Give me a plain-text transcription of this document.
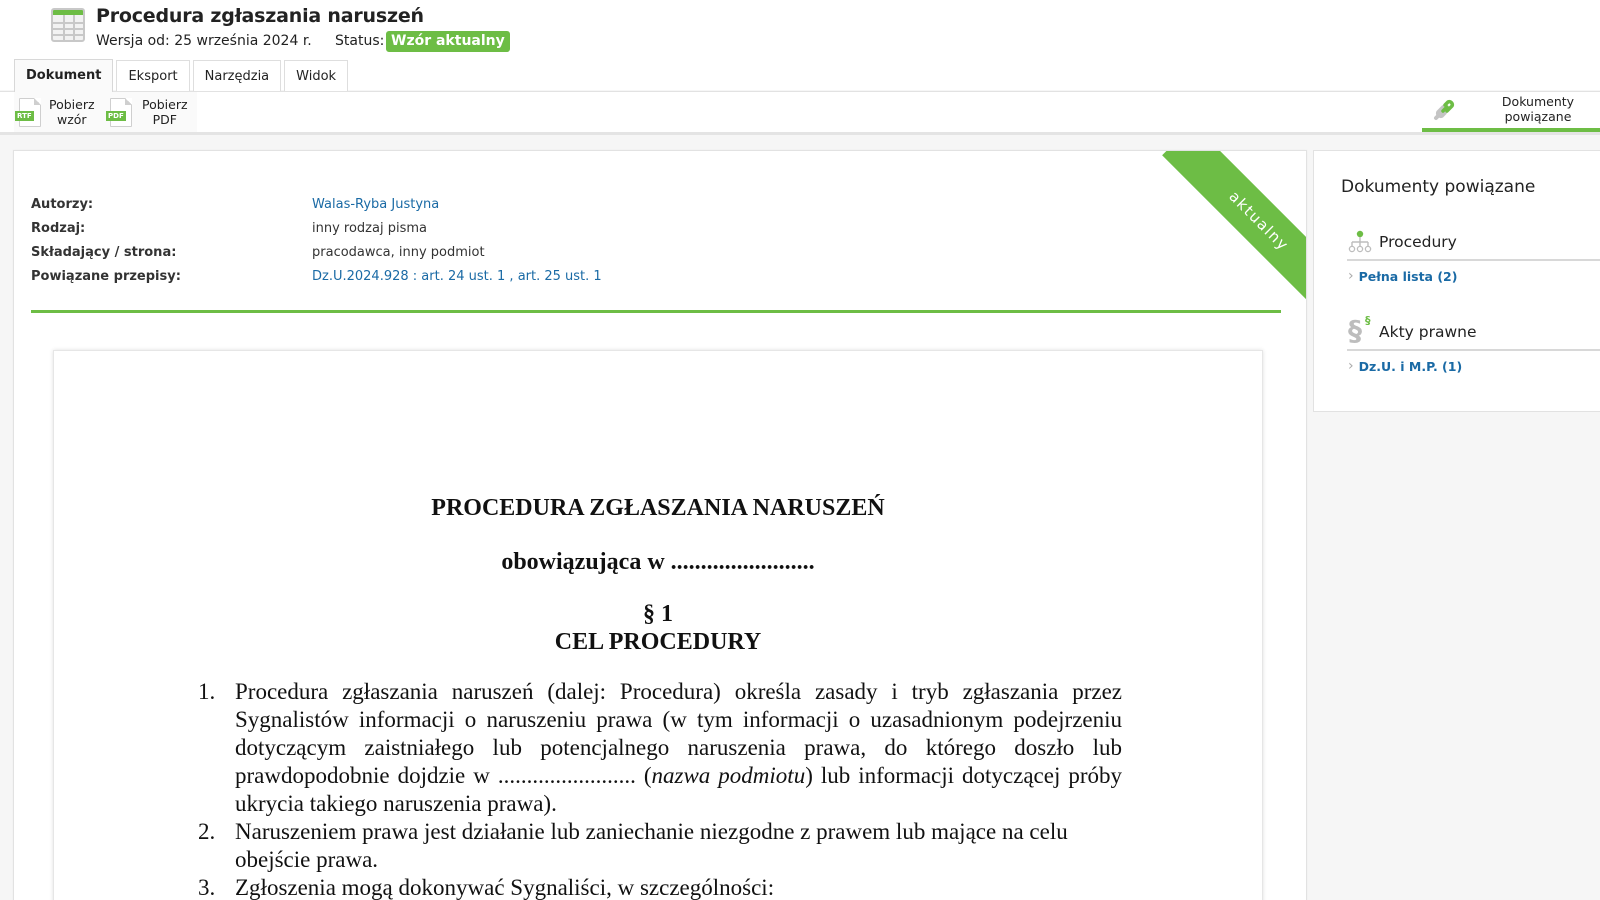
Procedura zgłaszania naruszeń
Wersja od: 25 września 2024 r. Status: Wzór aktualny
Dokument	Eksport	Narzędzia	Widok
RTF
Pobierz
wzór	PDF
Pobierz
PDF
Dokumenty
powiązane
aktualny
Autorzy:	Walas-Ryba Justyna
Rodzaj:	inny rodzaj pisma
Składający / strona:	pracodawca, inny podmiot
Powiązane przepisy:	Dz.U.2024.928 : art. 24 ust. 1 , art. 25 ust. 1
PROCEDURA ZGŁASZANIA NARUSZEŃ
obowiązująca w ........................
§ 1
CEL PROCEDURY
1. Procedura zgłaszania naruszeń (dalej: Procedura) określa zasady i tryb zgłaszania przez Sygnalistów informacji o naruszeniu prawa (w tym informacji o uzasadnionym podejrzeniu dotyczącym zaistniałego lub potencjalnego naruszenia prawa, do którego doszło lub prawdopodobnie dojdzie w ........................ (nazwa podmiotu) lub informacji dotyczącej próby ukrycia takiego naruszenia prawa).
2. Naruszeniem prawa jest działanie lub zaniechanie niezgodne z prawem lub mające na celu obejście prawa.
3. Zgłoszenia mogą dokonywać Sygnaliści, w szczególności:
Dokumenty powiązane
Procedury
› Pełna lista (2)
§ §
Akty prawne
› Dz.U. i M.P. (1)
